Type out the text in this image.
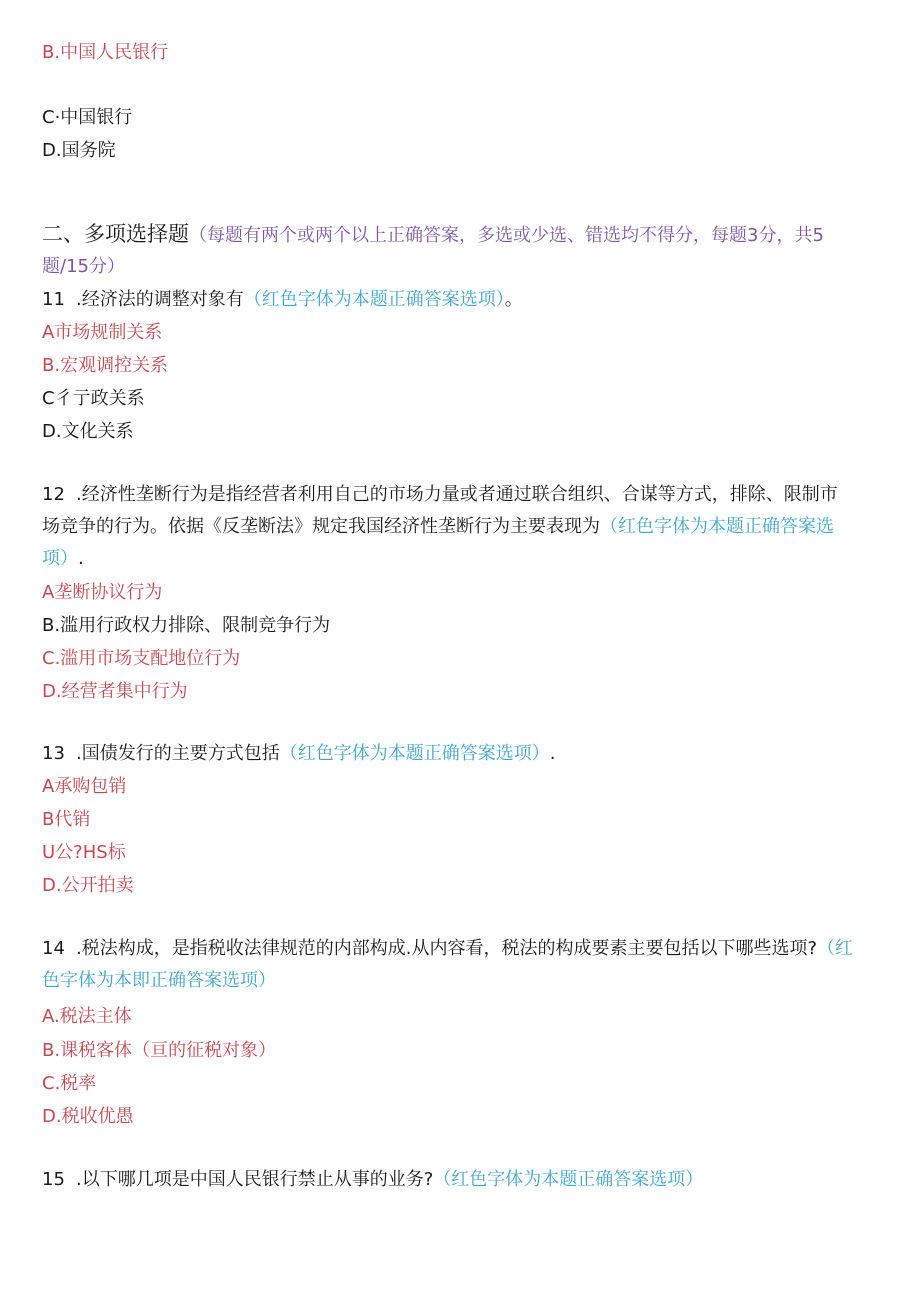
B.中国人民银行
C·中国银行
D.国务院
二、多项选择题（每题有两个或两个以上正确答案，多选或少选、错选均不得分，每题3分，共5
题/15分）
11 .经济法的调整对象有（红色字体为本题正确答案选项）。
A市场规制关系
B.宏观调控关系
C彳亍政关系
D.文化关系
12 .经济性垄断行为是指经营者利用自己的市场力量或者通过联合组织、合谋等方式，排除、限制市
场竞争的行为。依据《反垄断法》规定我国经济性垄断行为主要表现为（红色字体为本题正确答案选
项）.
A垄断协议行为
B.滥用行政权力排除、限制竞争行为
C.滥用市场支配地位行为
D.经营者集中行为
13 .国债发行的主要方式包括（红色字体为本题正确答案选项）.
A承购包销
B代销
U公?HS标
D.公开拍卖
14 .税法构成，是指税收法律规范的内部构成.从内容看，税法的构成要素主要包括以下哪些选项?（红
色字体为本即正确答案选项）
A.税法主体
B.课税客体（亘的征税对象）
C.税率
D.税收优愚
15 .以下哪几项是中国人民银行禁止从事的业务?（红色字体为本题正确答案选项）
